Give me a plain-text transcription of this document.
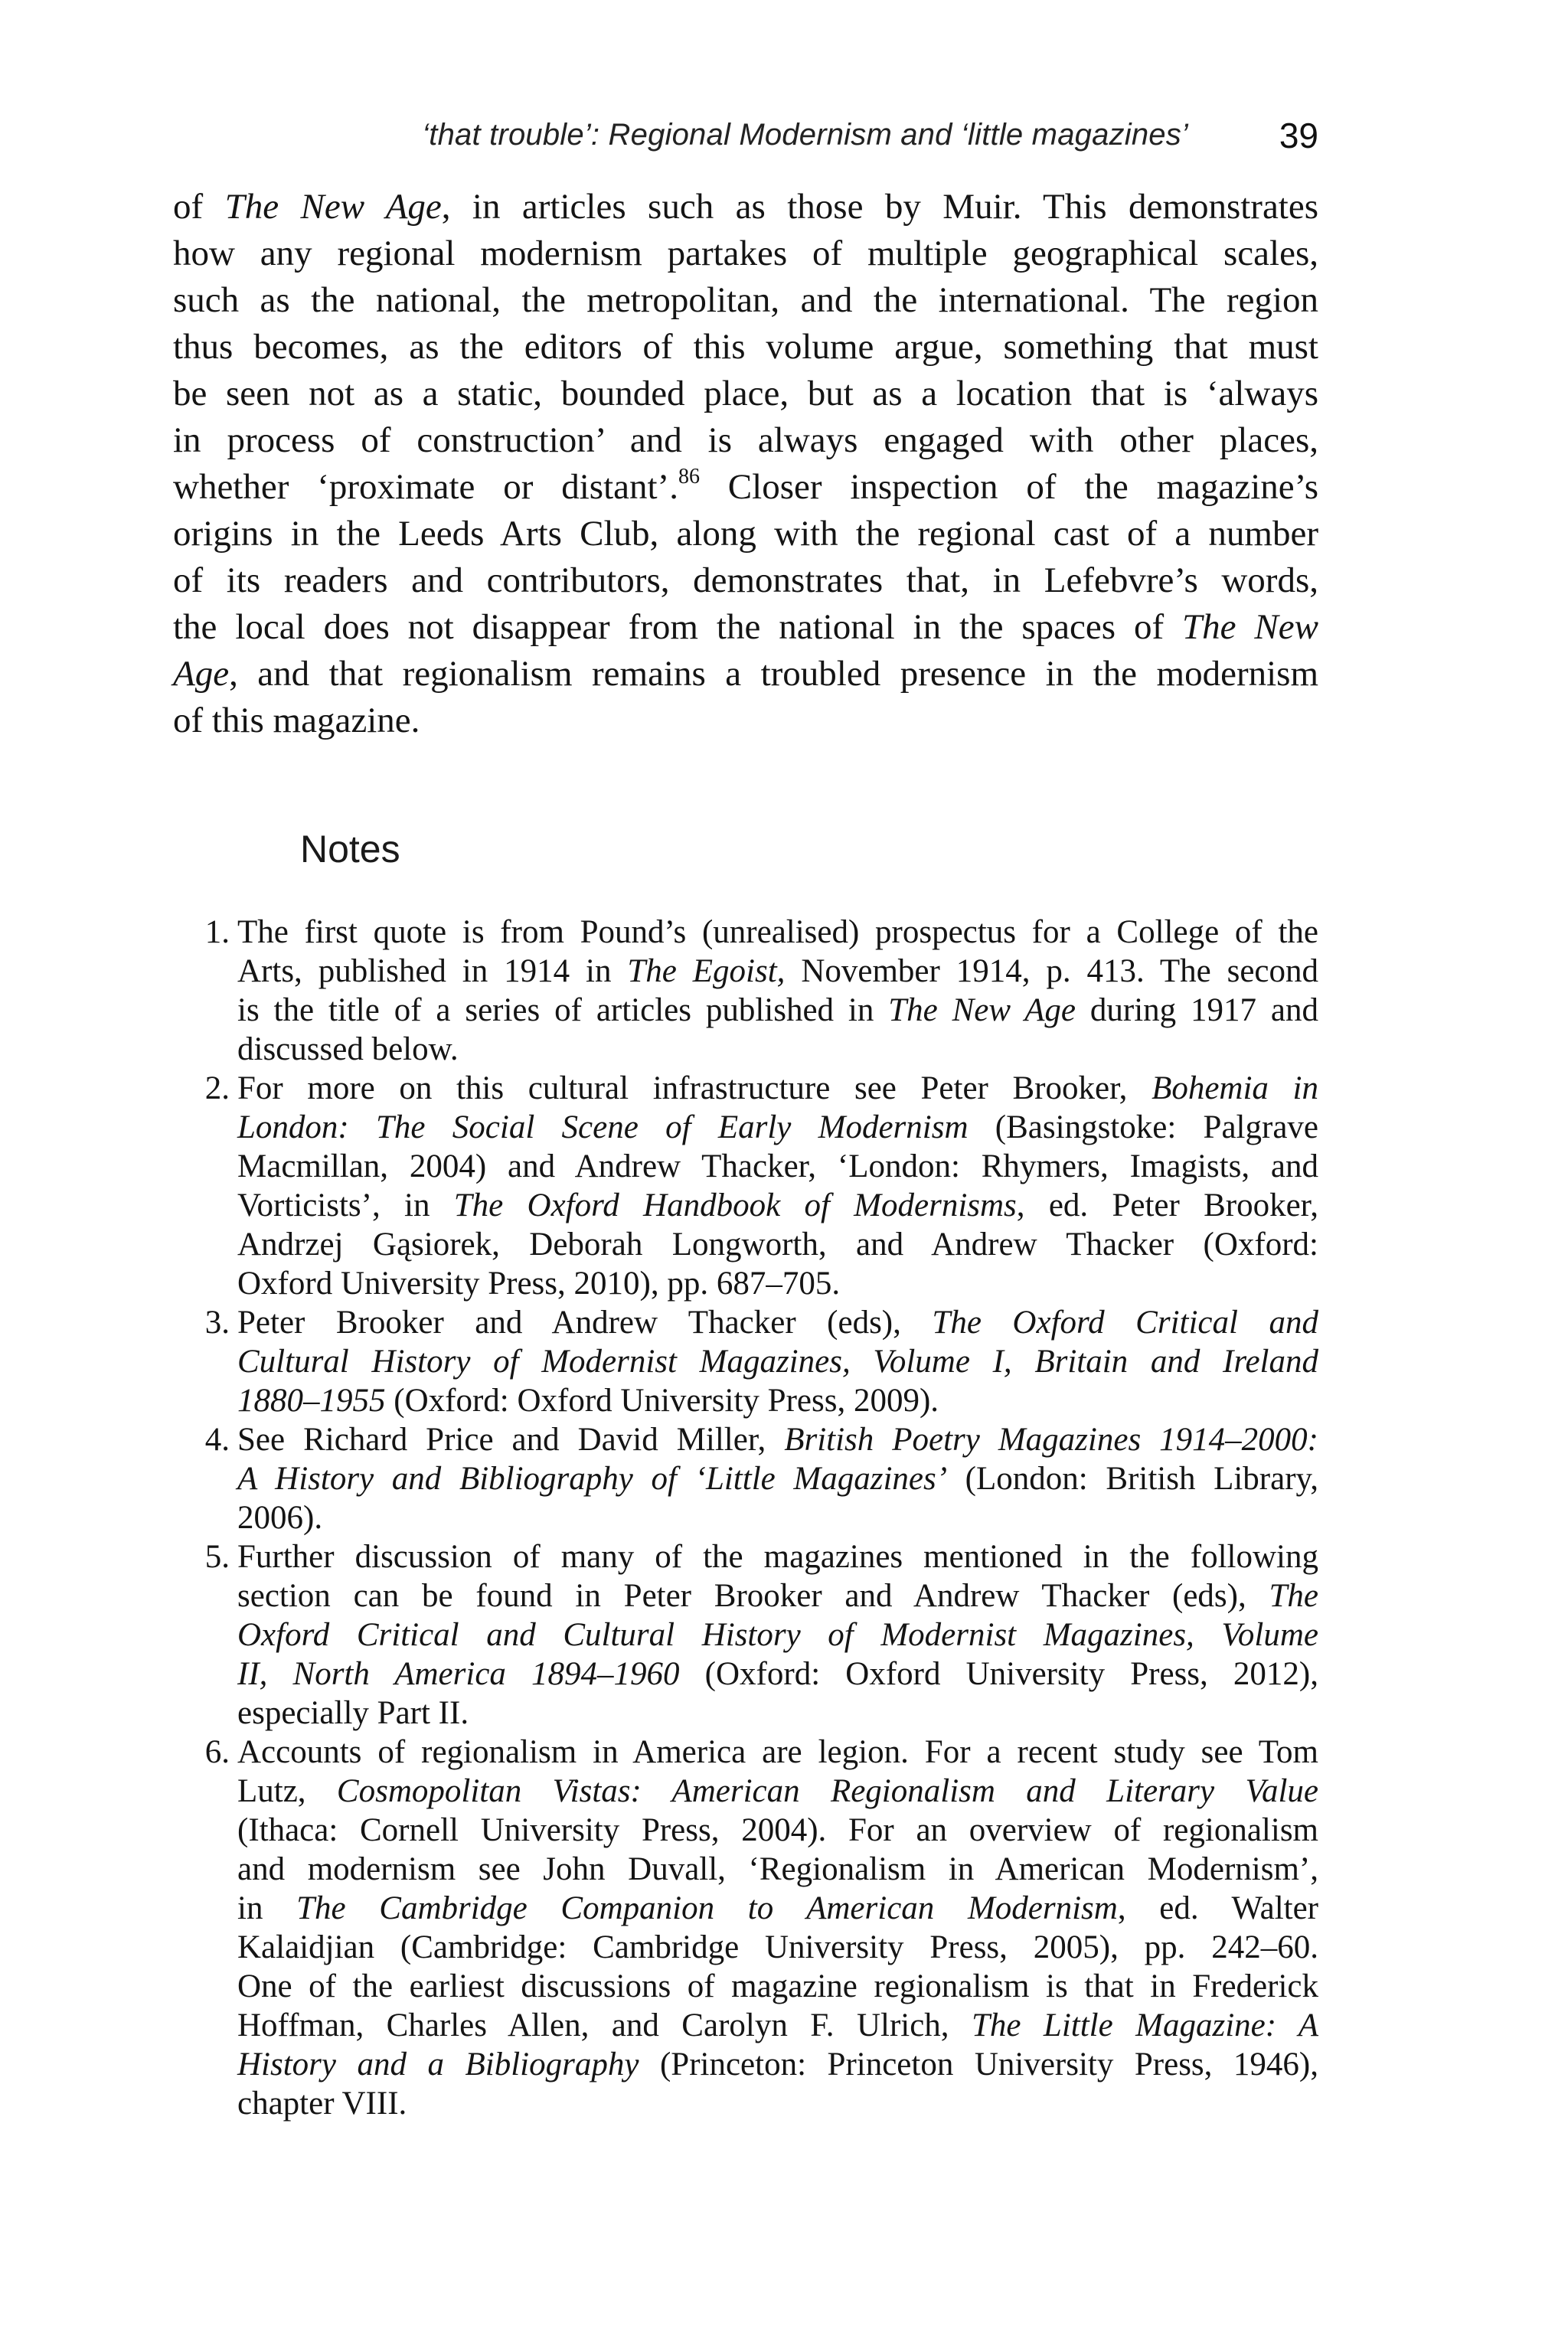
‘that trouble’: Regional Modernism and ‘little magazines’	39
of The New Age, in articles such as those by Muir. This demonstrates
how any regional modernism partakes of multiple geographical scales,
such as the national, the metropolitan, and the international. The region
thus becomes, as the editors of this volume argue, something that must
be seen not as a static, bounded place, but as a location that is ‘always
in process of construction’ and is always engaged with other places,
whether ‘proximate or distant’.$^{86}$ Closer inspection of the magazine’s
origins in the Leeds Arts Club, along with the regional cast of a number
of its readers and contributors, demonstrates that, in Lefebvre’s words,
the local does not disappear from the national in the spaces of The New
Age, and that regionalism remains a troubled presence in the modernism
of this magazine.
Notes
1. The first quote is from Pound’s (unrealised) prospectus for a College of the
Arts, published in 1914 in The Egoist, November 1914, p. 413. The second
is the title of a series of articles published in The New Age during 1917 and
discussed below.
2. For more on this cultural infrastructure see Peter Brooker, Bohemia in
London: The Social Scene of Early Modernism (Basingstoke: Palgrave
Macmillan, 2004) and Andrew Thacker, ‘London: Rhymers, Imagists, and
Vorticists’, in The Oxford Handbook of Modernisms, ed. Peter Brooker,
Andrzej Gąsiorek, Deborah Longworth, and Andrew Thacker (Oxford:
Oxford University Press, 2010), pp. 687–705.
3. Peter Brooker and Andrew Thacker (eds), The Oxford Critical and
Cultural History of Modernist Magazines, Volume I, Britain and Ireland
1880–1955 (Oxford: Oxford University Press, 2009).
4. See Richard Price and David Miller, British Poetry Magazines 1914–2000:
A History and Bibliography of ‘Little Magazines’ (London: British Library,
2006).
5. Further discussion of many of the magazines mentioned in the following
section can be found in Peter Brooker and Andrew Thacker (eds), The
Oxford Critical and Cultural History of Modernist Magazines, Volume
II, North America 1894–1960 (Oxford: Oxford University Press, 2012),
especially Part II.
6. Accounts of regionalism in America are legion. For a recent study see Tom
Lutz, Cosmopolitan Vistas: American Regionalism and Literary Value
(Ithaca: Cornell University Press, 2004). For an overview of regionalism
and modernism see John Duvall, ‘Regionalism in American Modernism’,
in The Cambridge Companion to American Modernism, ed. Walter
Kalaidjian (Cambridge: Cambridge University Press, 2005), pp. 242–60.
One of the earliest discussions of magazine regionalism is that in Frederick
Hoffman, Charles Allen, and Carolyn F. Ulrich, The Little Magazine: A
History and a Bibliography (Princeton: Princeton University Press, 1946),
chapter VIII.
